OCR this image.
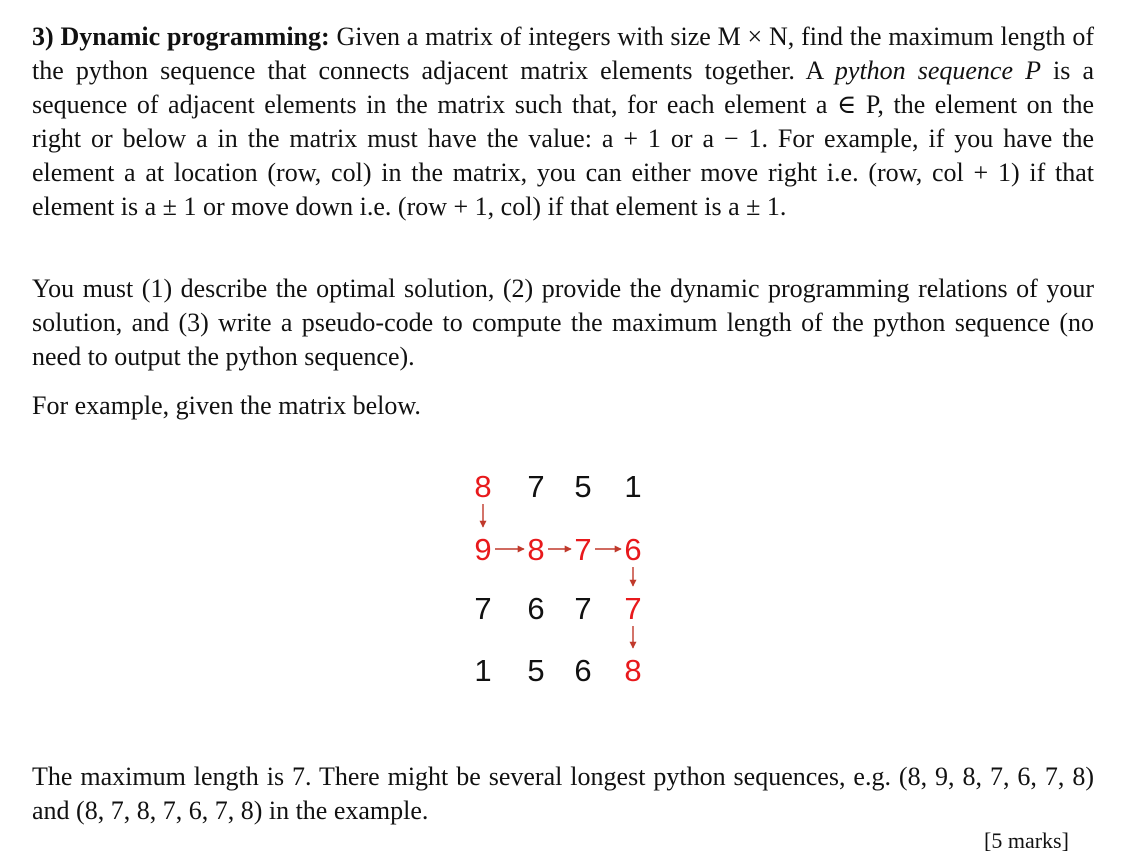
3) Dynamic programming: Given a matrix of integers with size M × N, find the maximum length of the python sequence that connects adjacent matrix elements together. A python sequence P is a sequence of adjacent elements in the matrix such that, for each element a ∈ P, the element on the right or below a in the matrix must have the value: a + 1 or a − 1. For example, if you have the element a at location (row, col) in the matrix, you can either move right i.e. (row, col + 1) if that element is a ± 1 or move down i.e. (row + 1, col) if that element is a ± 1.

You must (1) describe the optimal solution, (2) provide the dynamic programming relations of your solution, and (3) write a pseudo-code to compute the maximum length of the python sequence (no need to output the python sequence).

For example, given the matrix below.

8 7 5 1
9 8 7 6
7 6 7 7
1 5 6 8

The maximum length is 7. There might be several longest python sequences, e.g. (8, 9, 8, 7, 6, 7, 8) and (8, 7, 8, 7, 6, 7, 8) in the example.

[5 marks]
